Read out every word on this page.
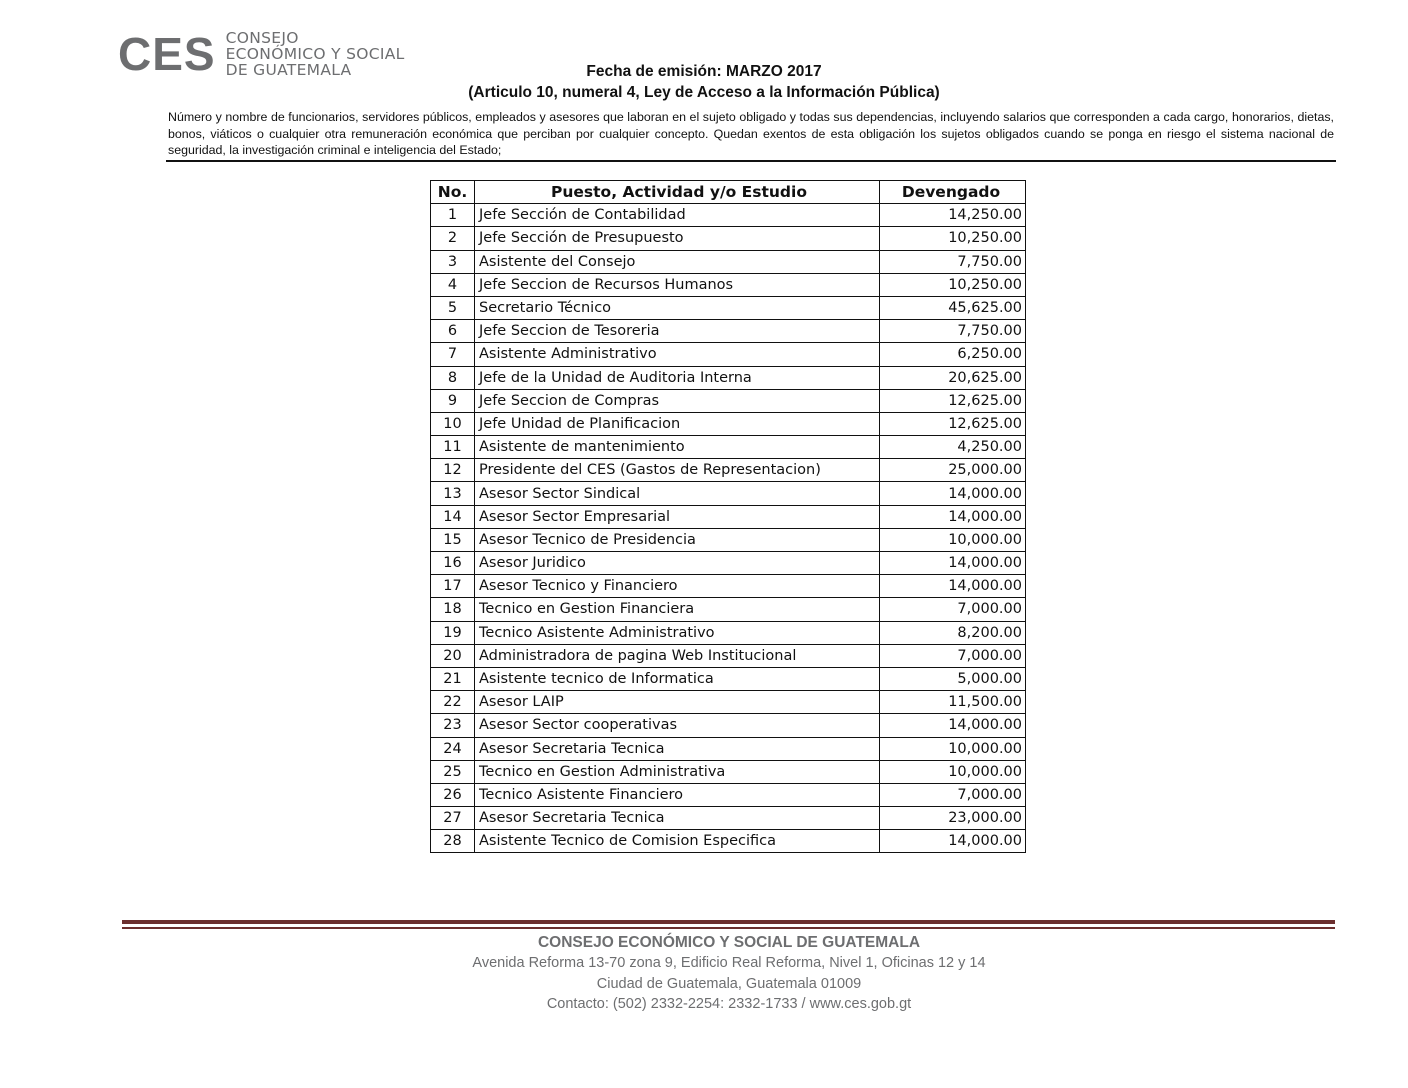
CES CONSEJO
ECONÓMICO Y SOCIAL
DE GUATEMALA	Fecha de emisión: MARZO 2017
(Articulo 10, numeral 4, Ley de Acceso a la Información Pública)
Número y nombre de funcionarios, servidores públicos, empleados y asesores que laboran en el sujeto obligado y todas sus dependencias, incluyendo salarios que corresponden a cada cargo, honorarios, dietas, bonos, viáticos o cualquier otra remuneración económica que perciban por cualquier concepto. Quedan exentos de esta obligación los sujetos obligados cuando se ponga en riesgo el sistema nacional de seguridad, la investigación criminal e inteligencia del Estado;
No.	Puesto, Actividad y/o Estudio	Devengado
1	Jefe Sección de Contabilidad	14,250.00
2	Jefe Sección de Presupuesto	10,250.00
3	Asistente del Consejo	7,750.00
4	Jefe Seccion de Recursos Humanos	10,250.00
5	Secretario Técnico	45,625.00
6	Jefe Seccion de Tesoreria	7,750.00
7	Asistente Administrativo	6,250.00
8	Jefe de la Unidad de Auditoria Interna	20,625.00
9	Jefe Seccion de Compras	12,625.00
10	Jefe Unidad de Planificacion	12,625.00
11	Asistente de mantenimiento	4,250.00
12	Presidente del CES (Gastos de Representacion)	25,000.00
13	Asesor Sector Sindical	14,000.00
14	Asesor Sector Empresarial	14,000.00
15	Asesor Tecnico de Presidencia	10,000.00
16	Asesor Juridico	14,000.00
17	Asesor Tecnico y Financiero	14,000.00
18	Tecnico en Gestion Financiera	7,000.00
19	Tecnico Asistente Administrativo	8,200.00
20	Administradora de pagina Web Institucional	7,000.00
21	Asistente tecnico de Informatica	5,000.00
22	Asesor LAIP	11,500.00
23	Asesor Sector cooperativas	14,000.00
24	Asesor Secretaria Tecnica	10,000.00
25	Tecnico en Gestion Administrativa	10,000.00
26	Tecnico Asistente Financiero	7,000.00
27	Asesor Secretaria Tecnica	23,000.00
28	Asistente Tecnico de Comision Especifica	14,000.00
CONSEJO ECONÓMICO Y SOCIAL DE GUATEMALA
Avenida Reforma 13-70 zona 9, Edificio Real Reforma, Nivel 1, Oficinas 12 y 14
Ciudad de Guatemala, Guatemala 01009
Contacto: (502) 2332-2254: 2332-1733 / www.ces.gob.gt
